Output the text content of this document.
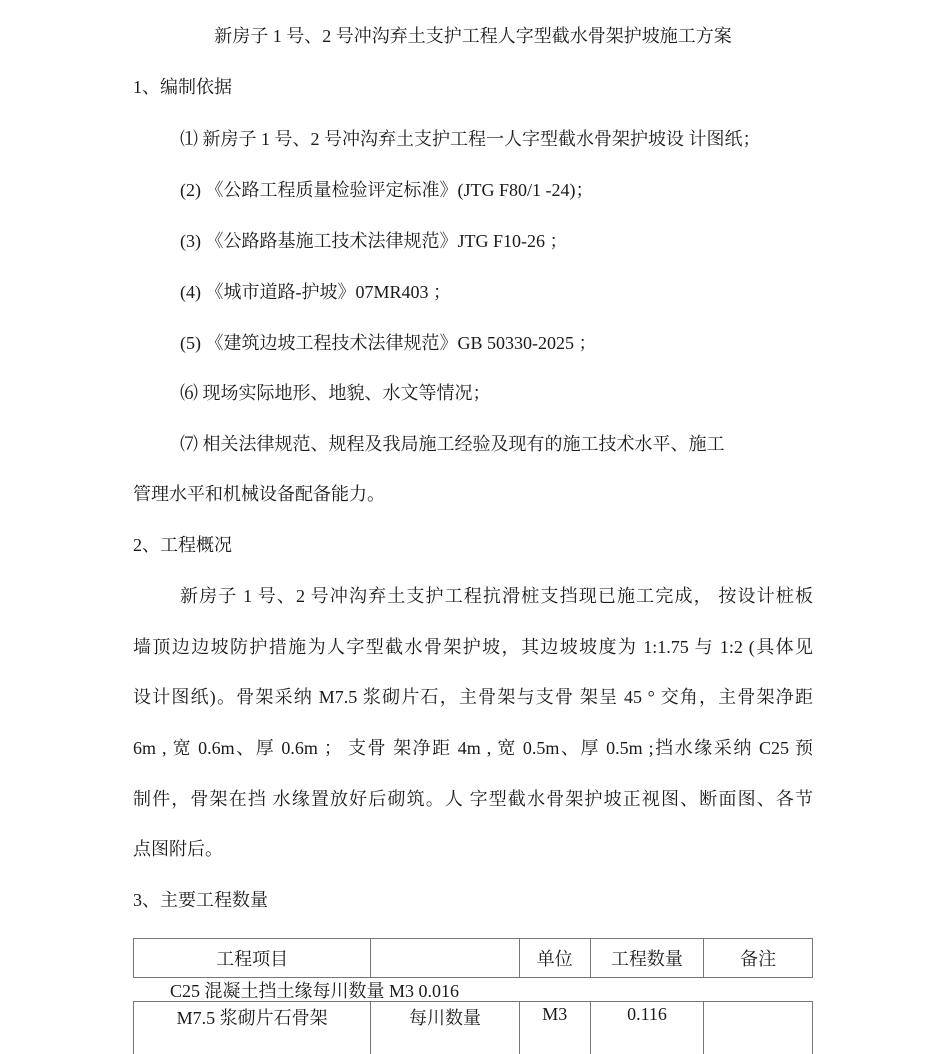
新房子 1 号、2 号冲沟弃土支护工程人字型截水骨架护坡施工方案
1、编制依据
⑴ 新房子 1 号、2 号冲沟弃土支护工程一人字型截水骨架护坡设 计图纸；
(2) 《公路工程质量检验评定标准》(JTG F80/1 -24)；
(3) 《公路路基施工技术法律规范》JTG F10-26 ；
(4) 《城市道路-护坡》07MR403 ；
(5) 《建筑边坡工程技术法律规范》GB 50330-2025 ；
⑹ 现场实际地形、地貌、水文等情况；
⑺ 相关法律规范、规程及我局施工经验及现有的施工技术水平、施工
管理水平和机械设备配备能力。
2、工程概况
新房子 1 号、2 号冲沟弃土支护工程抗滑桩支挡现已施工完成， 按设计桩板
墙顶边边坡防护措施为人字型截水骨架护坡，其边坡坡度为 1:1.75 与 1:2 (具体见
设计图纸)。骨架采纳 M7.5 浆砌片石，主骨架与支骨 架呈 45 ° 交角，主骨架净距
6m , 宽 0.6m、厚 0.6m ； 支骨 架净距 4m , 宽 0.5m、厚 0.5m ;挡水缘采纳 C25 预
制件，骨架在挡 水缘置放好后砌筑。人 字型截水骨架护坡正视图、断面图、各节
点图附后。
3、主要工程数量
工程项目		单位	工程数量	备注
C25 混凝土挡土缘每川数量 M3 0.016
M7.5 浆砌片石骨架	每川数量	M3	0.116	
